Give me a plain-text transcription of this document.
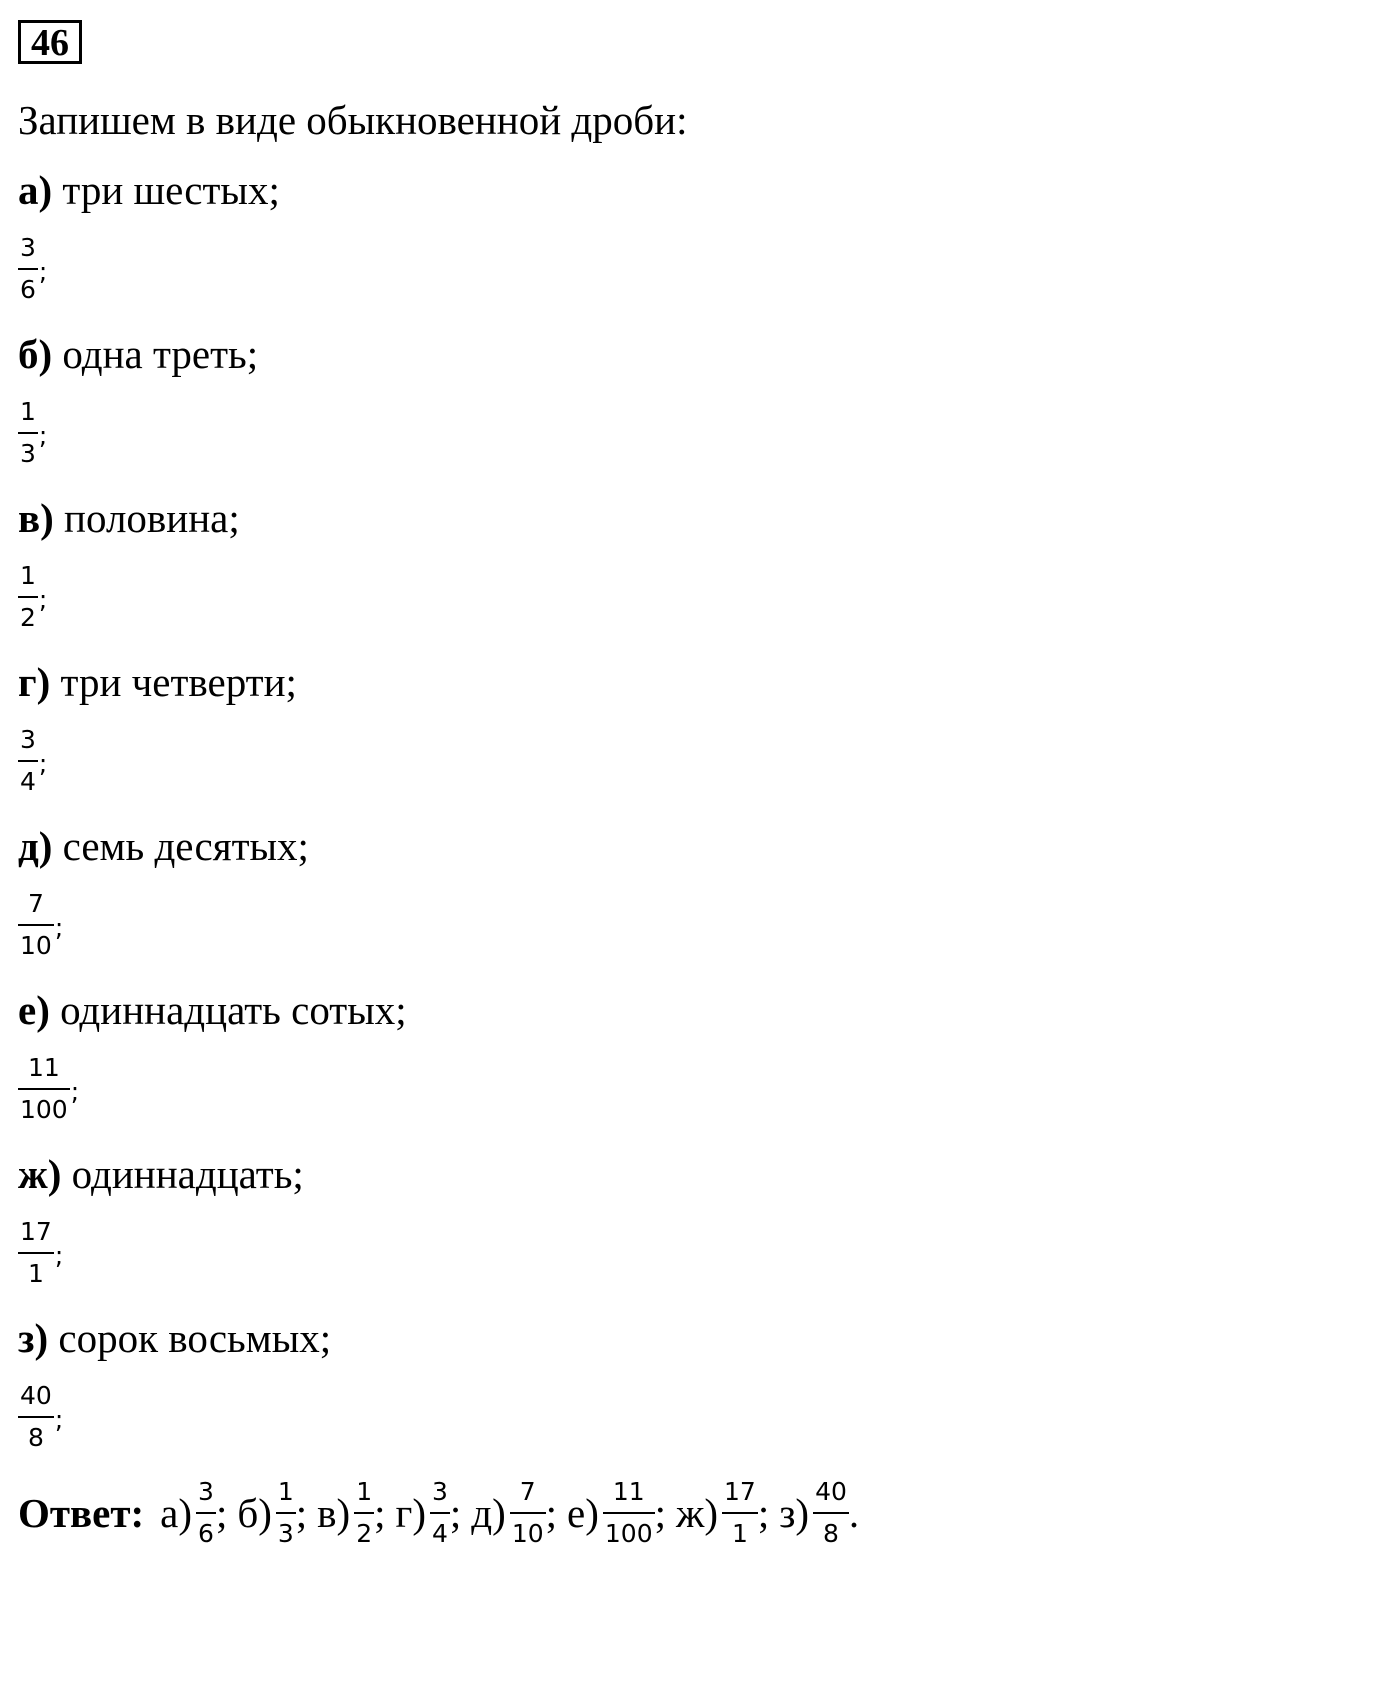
46
Запишем в виде обыкновенной дроби:
а) три шестых;
$\frac{3}{6}$ ;
б) одна треть;
$\frac{1}{3}$ ;
в) половина;
$\frac{1}{2}$ ;
г) три четверти;
$\frac{3}{4}$ ;
д) семь десятых;
$\frac{7}{10}$ ;
е) одиннадцать сотых;
$\frac{11}{100}$ ;
ж) одиннадцать;
$\frac{17}{1}$ ;
з) сорок восьмых;
$\frac{40}{8}$ ;
Ответ: $а) \frac{3}{6}$ ; $б) \frac{1}{3}$ ; $в) \frac{1}{2}$ ; $г) \frac{3}{4}$ ; $д) \frac{7}{10}$ ; $е) \frac{11}{100}$ ; $ж) \frac{17}{1}$ ; $з) \frac{40}{8}$ .
